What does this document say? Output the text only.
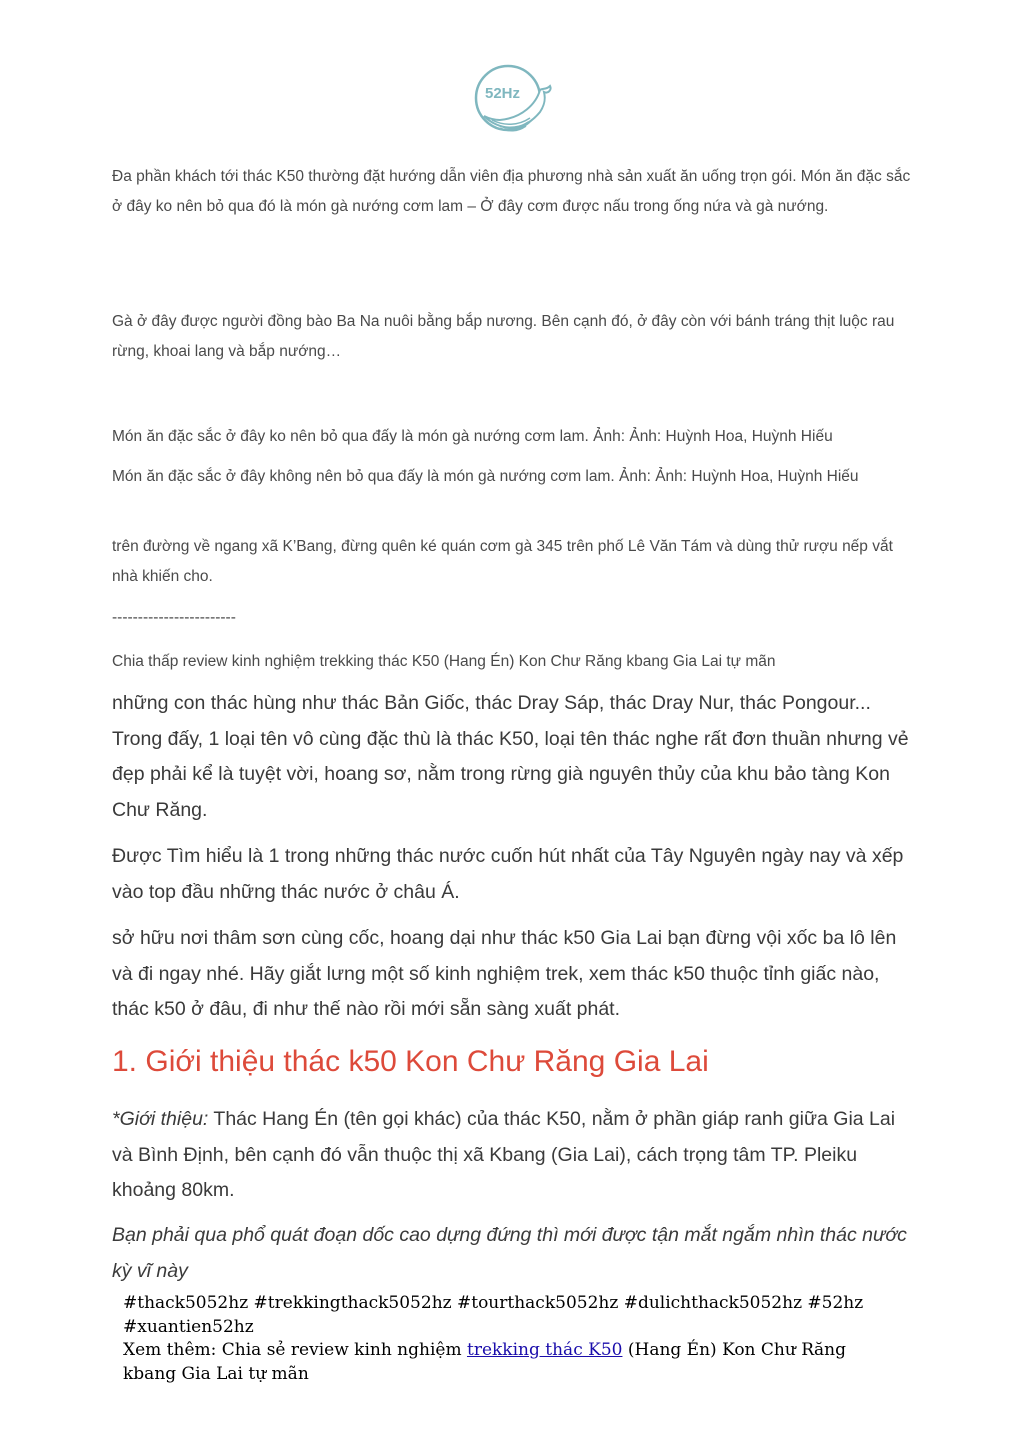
52Hz

Đa phần khách tới thác K50 thường đặt hướng dẫn viên địa phương nhà sản xuất ăn uống trọn gói. Món ăn đặc sắc ở đây ko nên bỏ qua đó là món gà nướng cơm lam – Ở đây cơm được nấu trong ống nứa và gà nướng.

Gà ở đây được người đồng bào Ba Na nuôi bằng bắp nương. Bên cạnh đó, ở đây còn với bánh tráng thịt luộc rau rừng, khoai lang và bắp nướng…

Món ăn đặc sắc ở đây ko nên bỏ qua đấy là món gà nướng cơm lam. Ảnh: Ảnh: Huỳnh Hoa, Huỳnh Hiếu

Món ăn đặc sắc ở đây không nên bỏ qua đấy là món gà nướng cơm lam. Ảnh: Ảnh: Huỳnh Hoa, Huỳnh Hiếu

trên đường về ngang xã K’Bang, đừng quên ké quán cơm gà 345 trên phố Lê Văn Tám và dùng thử rượu nếp vắt nhà khiến cho.

------------------------

Chia thấp review kinh nghiệm trekking thác K50 (Hang Én) Kon Chư Răng kbang Gia Lai tự mãn

những con thác hùng như thác Bản Giốc, thác Dray Sáp, thác Dray Nur, thác Pongour... Trong đấy, 1 loại tên vô cùng đặc thù là thác K50, loại tên thác nghe rất đơn thuần nhưng vẻ đẹp phải kể là tuyệt vời, hoang sơ, nằm trong rừng già nguyên thủy của khu bảo tàng Kon Chư Răng.

Được Tìm hiểu là 1 trong những thác nước cuốn hút nhất của Tây Nguyên ngày nay và xếp vào top đầu những thác nước ở châu Á.

sở hữu nơi thâm sơn cùng cốc, hoang dại như thác k50 Gia Lai bạn đừng vội xốc ba lô lên và đi ngay nhé. Hãy giắt lưng một số kinh nghiệm trek, xem thác k50 thuộc tỉnh giấc nào, thác k50 ở đâu, đi như thế nào rồi mới sẵn sàng xuất phát.

1. Giới thiệu thác k50 Kon Chư Răng Gia Lai

*Giới thiệu: Thác Hang Én (tên gọi khác) của thác K50, nằm ở phần giáp ranh giữa Gia Lai và Bình Định, bên cạnh đó vẫn thuộc thị xã Kbang (Gia Lai), cách trọng tâm TP. Pleiku khoảng 80km.

Bạn phải qua phổ quát đoạn dốc cao dựng đứng thì mới được tận mắt ngắm nhìn thác nước kỳ vĩ này

#thack5052hz #trekkingthack5052hz #tourthack5052hz #dulichthack5052hz #52hz #xuantien52hz
Xem thêm: Chia sẻ review kinh nghiệm trekking thác K50 (Hang Én) Kon Chư Răng kbang Gia Lai tự mãn
